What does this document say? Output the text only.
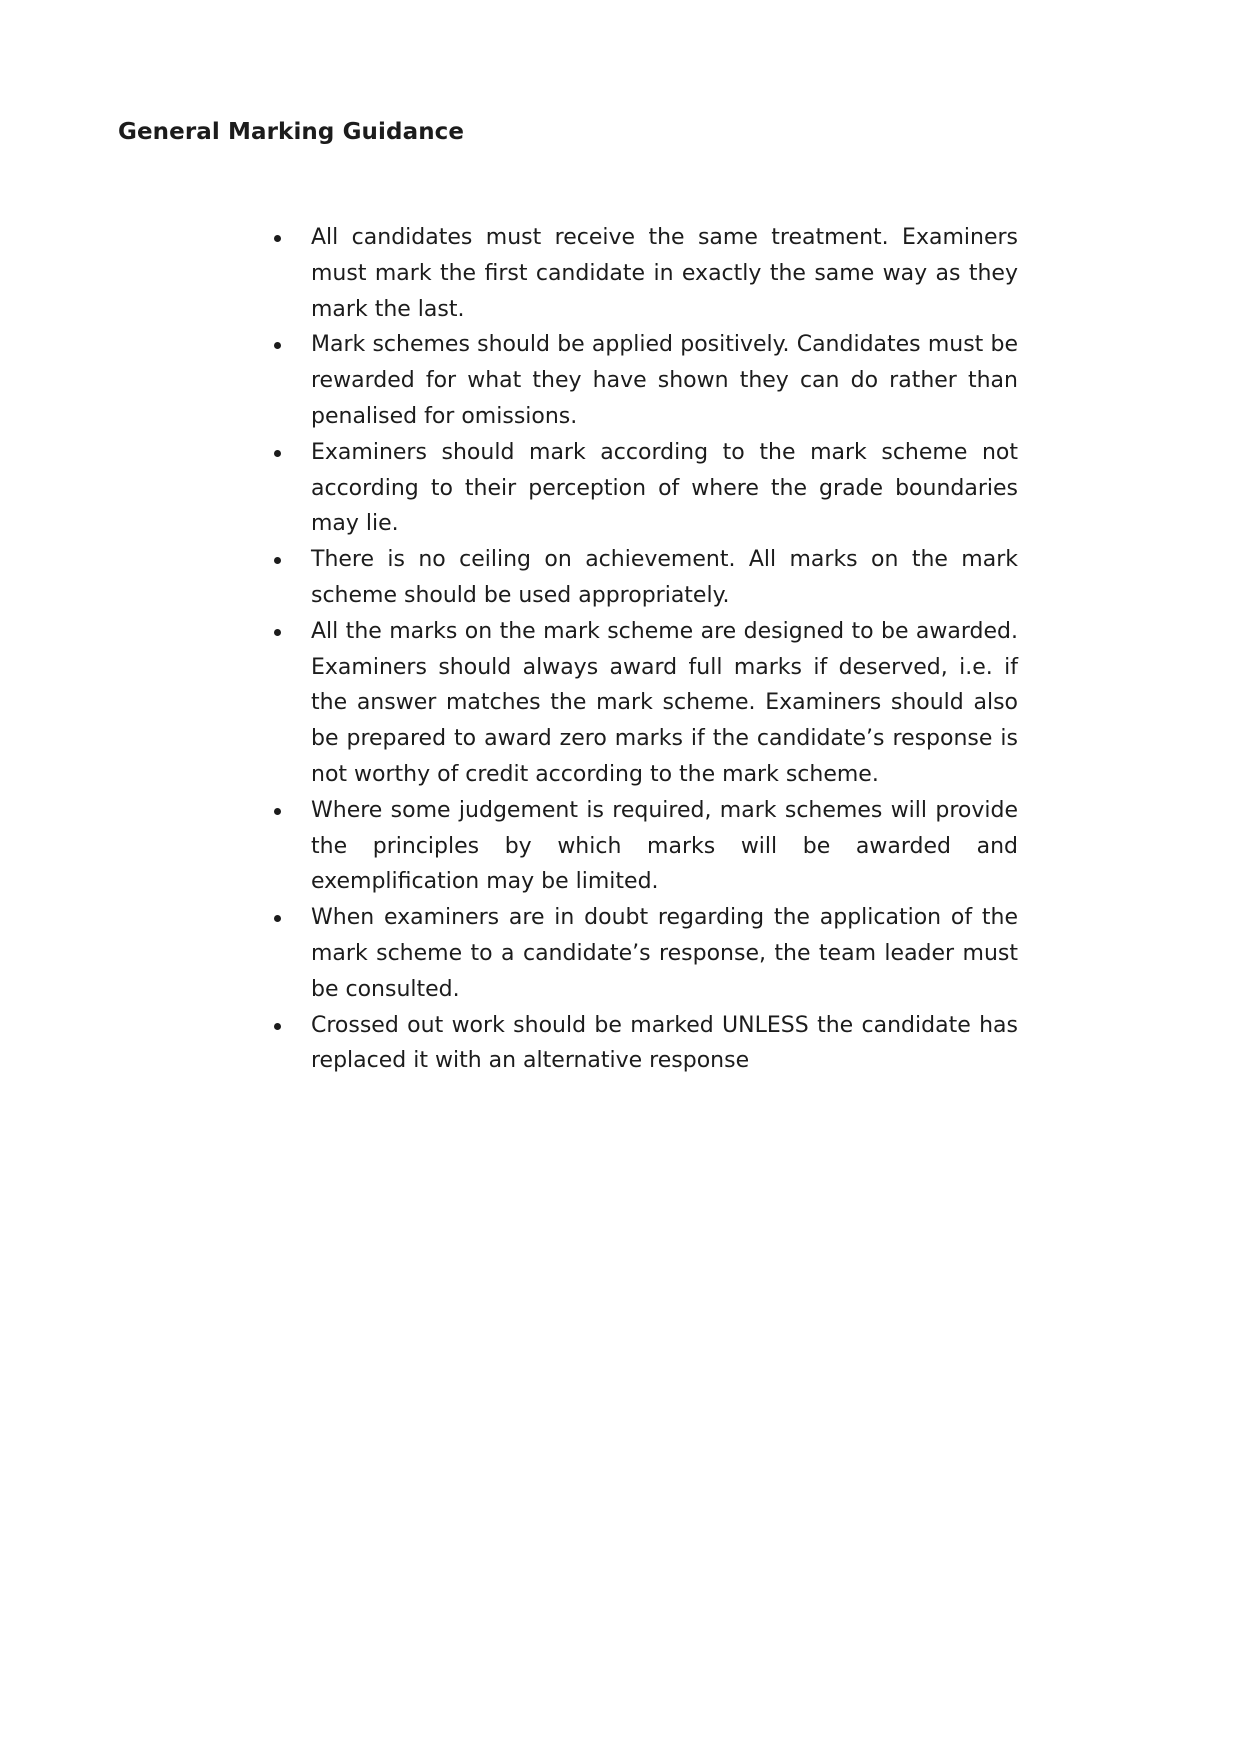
General Marking Guidance
All candidates must receive the same treatment. Examiners must mark the first candidate in exactly the same way as they mark the last.
Mark schemes should be applied positively. Candidates must be rewarded for what they have shown they can do rather than penalised for omissions.
Examiners should mark according to the mark scheme not according to their perception of where the grade boundaries may lie.
There is no ceiling on achievement. All marks on the mark scheme should be used appropriately.
All the marks on the mark scheme are designed to be awarded. Examiners should always award full marks if deserved, i.e. if the answer matches the mark scheme. Examiners should also be prepared to award zero marks if the candidate’s response is not worthy of credit according to the mark scheme.
Where some judgement is required, mark schemes will provide the principles by which marks will be awarded and exemplification may be limited.
When examiners are in doubt regarding the application of the mark scheme to a candidate’s response, the team leader must be consulted.
Crossed out work should be marked UNLESS the candidate has replaced it with an alternative response
